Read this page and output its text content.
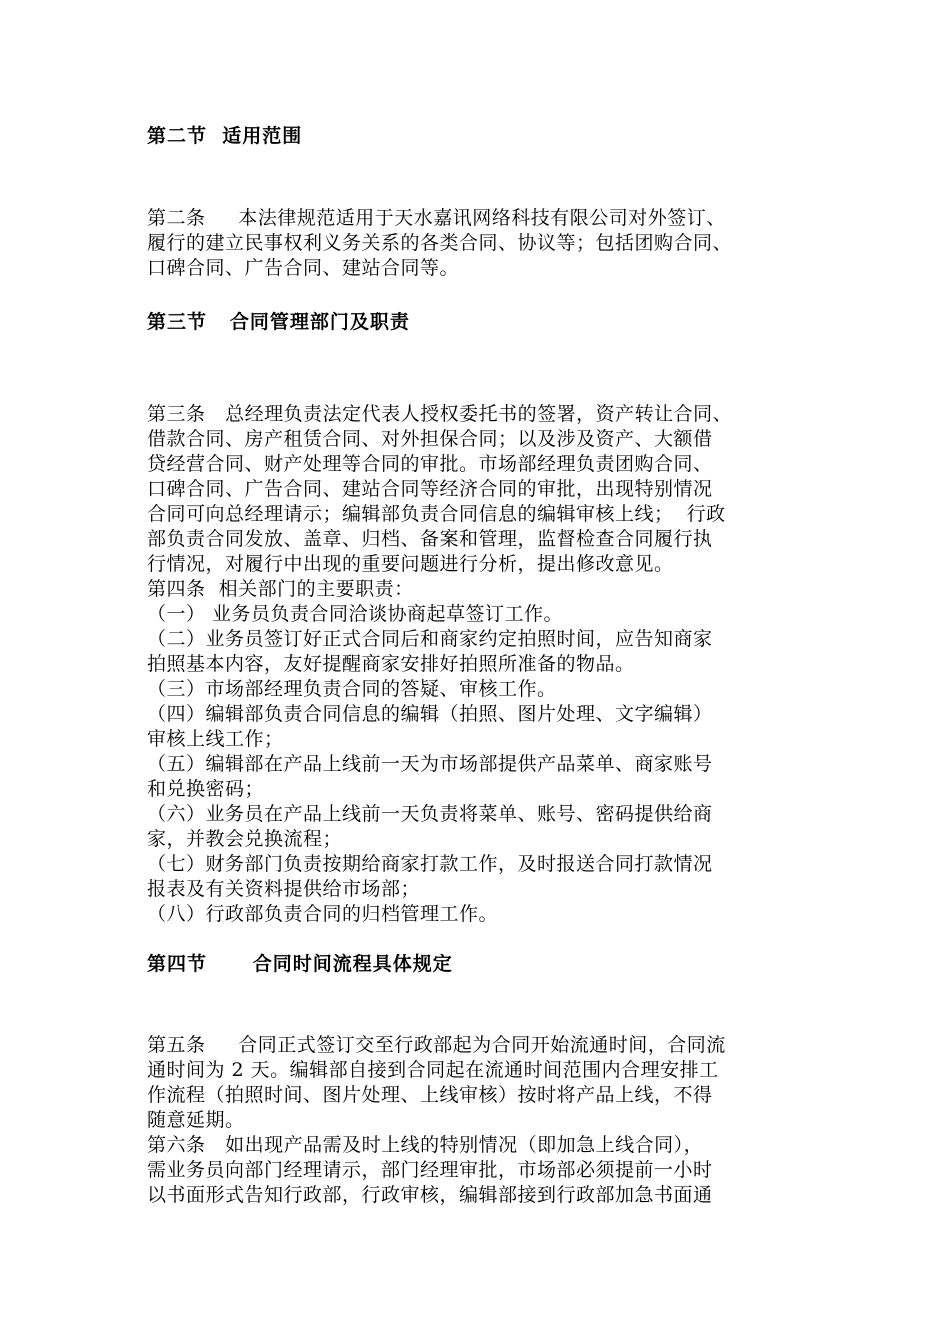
第二节  适用范围
第二条     本法律规范适用于天水嘉讯网络科技有限公司对外签订、
履行的建立民事权利义务关系的各类合同、协议等；包括团购合同、
口碑合同、广告合同、建站合同等。
第三节   合同管理部门及职责
第三条   总经理负责法定代表人授权委托书的签署，资产转让合同、
借款合同、房产租赁合同、对外担保合同；以及涉及资产、大额借
贷经营合同、财产处理等合同的审批。市场部经理负责团购合同、
口碑合同、广告合同、建站合同等经济合同的审批，出现特别情况
合同可向总经理请示；编辑部负责合同信息的编辑审核上线；  行政
部负责合同发放、盖章、归档、备案和管理，监督检查合同履行执
行情况，对履行中出现的重要问题进行分析，提出修改意见。
第四条  相关部门的主要职责：
（一） 业务员负责合同洽谈协商起草签订工作。
（二）业务员签订好正式合同后和商家约定拍照时间，应告知商家
拍照基本内容，友好提醒商家安排好拍照所准备的物品。
（三）市场部经理负责合同的答疑、审核工作。
（四）编辑部负责合同信息的编辑（拍照、图片处理、文字编辑）
审核上线工作；
（五）编辑部在产品上线前一天为市场部提供产品菜单、商家账号
和兑换密码；
（六）业务员在产品上线前一天负责将菜单、账号、密码提供给商
家，并教会兑换流程；
（七）财务部门负责按期给商家打款工作，及时报送合同打款情况
报表及有关资料提供给市场部；
（八）行政部负责合同的归档管理工作。
第四节      合同时间流程具体规定
第五条     合同正式签订交至行政部起为合同开始流通时间，合同流
通时间为 2 天。编辑部自接到合同起在流通时间范围内合理安排工
作流程（拍照时间、图片处理、上线审核）按时将产品上线，不得
随意延期。
第六条   如出现产品需及时上线的特别情况（即加急上线合同），
需业务员向部门经理请示，部门经理审批，市场部必须提前一小时
以书面形式告知行政部，行政审核，编辑部接到行政部加急书面通
